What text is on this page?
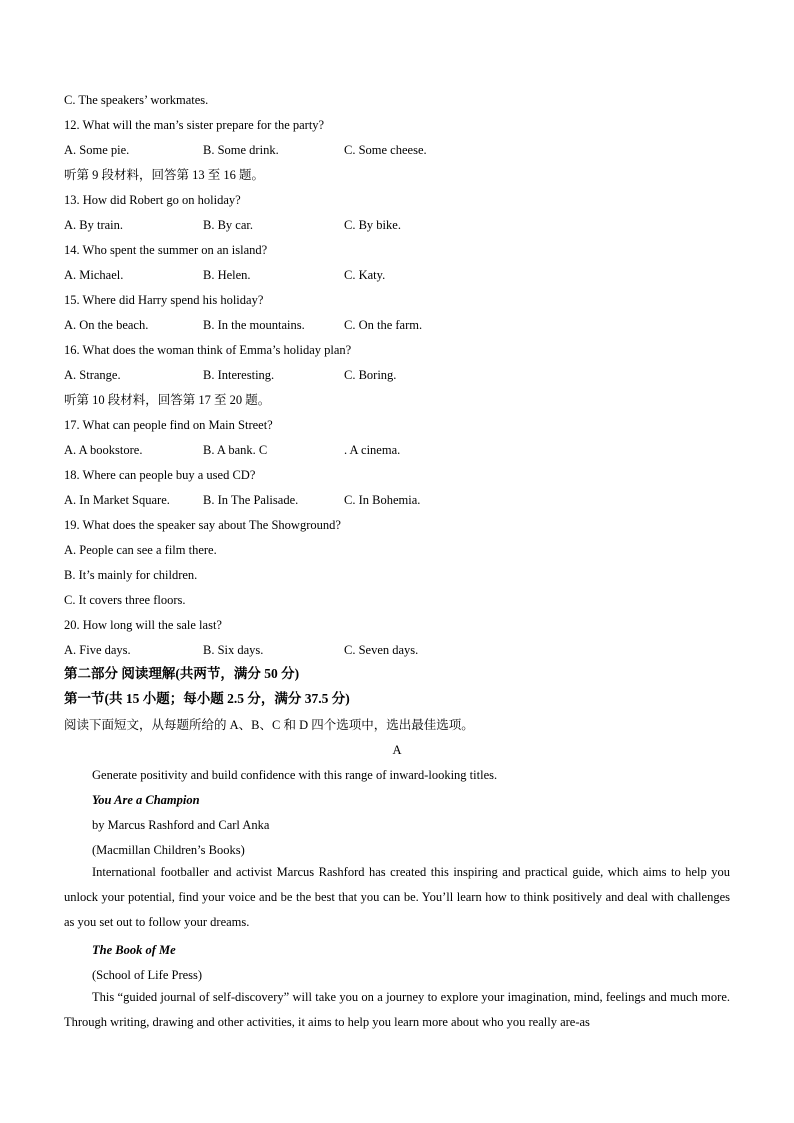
C. The speakers’ workmates.
12. What will the man’s sister prepare for the party?
A. Some pie.	B. Some drink.	C. Some cheese.
听第 9 段材料，回答第 13 至 16 题。
13. How did Robert go on holiday?
A. By train.	B. By car.	C. By bike.
14. Who spent the summer on an island?
A. Michael.	B. Helen.	C. Katy.
15. Where did Harry spend his holiday?
A. On the beach.	B. In the mountains.	C. On the farm.
16. What does the woman think of Emma’s holiday plan?
A. Strange.	B. Interesting.	C. Boring.
听第 10 段材料，回答第 17 至 20 题。
17. What can people find on Main Street?
A. A bookstore.	B. A bank. C	. A cinema.
18. Where can people buy a used CD?
A. In Market Square.	B. In The Palisade.	C. In Bohemia.
19. What does the speaker say about The Showground?
A. People can see a film there.
B. It’s mainly for children.
C. It covers three floors.
20. How long will the sale last?
A. Five days.	B. Six days.	C. Seven days.
第二部分 阅读理解(共两节，满分 50 分)
第一节(共 15 小题；每小题 2.5 分，满分 37.5 分)
阅读下面短文，从每题所给的 A、B、C 和 D 四个选项中，选出最佳选项。
A
Generate positivity and build confidence with this range of inward-looking titles.
You Are a Champion
by Marcus Rashford and Carl Anka
(Macmillan Children’s Books)
International footballer and activist Marcus Rashford has created this inspiring and practical guide, which aims to help you unlock your potential, find your voice and be the best that you can be. You’ll learn how to think positively and deal with challenges as you set out to follow your dreams.
The Book of Me
(School of Life Press)
This “guided journal of self-discovery” will take you on a journey to explore your imagination, mind, feelings and much more. Through writing, drawing and other activities, it aims to help you learn more about who you really are-as
